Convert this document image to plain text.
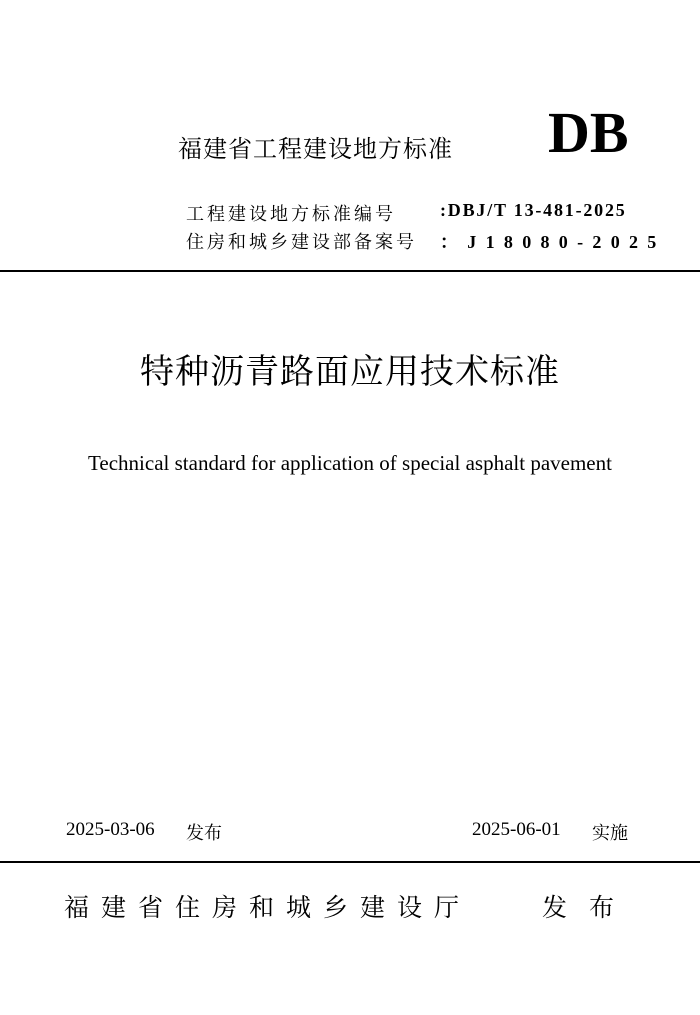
福建省工程建设地方标准 DB
工程建设地方标准编号 :DBJ/T 13-481-2025
住房和城乡建设部备案号 ：J18080-2025
特种沥青路面应用技术标准
Technical standard for application of special asphalt pavement
2025-03-06 发布	2025-06-01 实施
福建省住房和城乡建设厅	发布
